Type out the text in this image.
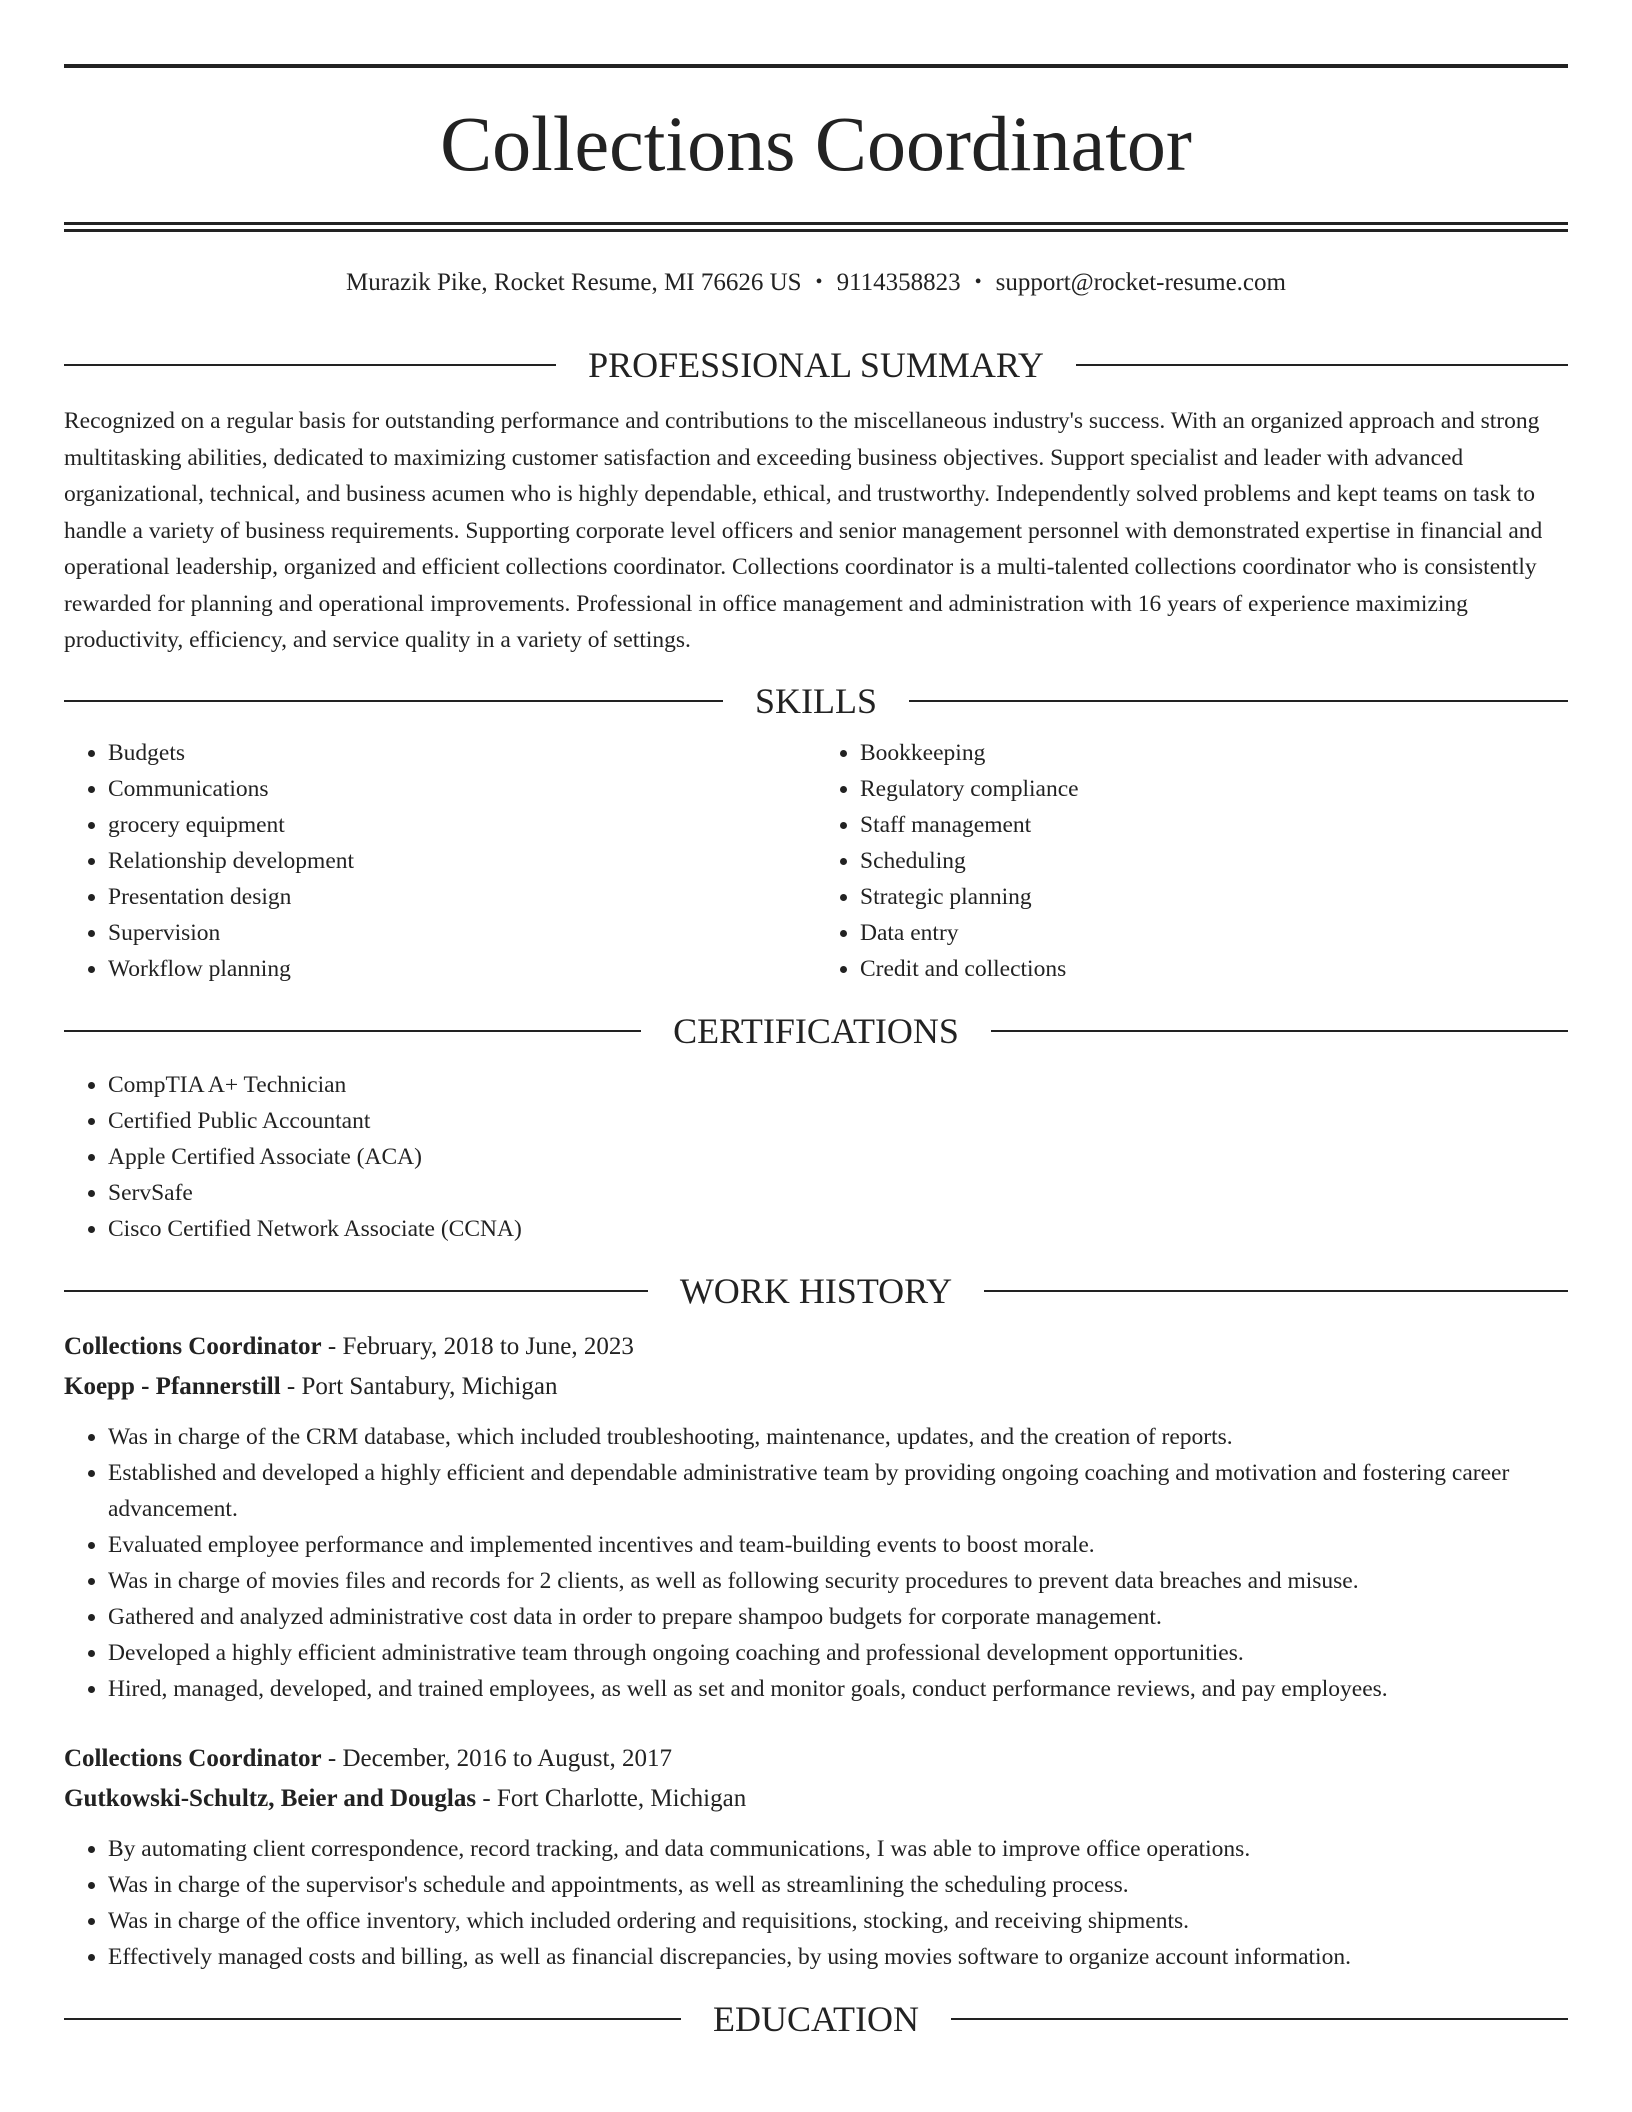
Collections Coordinator
Murazik Pike, Rocket Resume, MI 76626 US • 9114358823 • support@rocket-resume.com
PROFESSIONAL SUMMARY

Recognized on a regular basis for outstanding performance and contributions to the miscellaneous industry's success. With an organized approach and strong multitasking abilities, dedicated to maximizing customer satisfaction and exceeding business objectives. Support specialist and leader with advanced organizational, technical, and business acumen who is highly dependable, ethical, and trustworthy. Independently solved problems and kept teams on task to handle a variety of business requirements. Supporting corporate level officers and senior management personnel with demonstrated expertise in financial and operational leadership, organized and efficient collections coordinator. Collections coordinator is a multi-talented collections coordinator who is consistently rewarded for planning and operational improvements. Professional in office management and administration with 16 years of experience maximizing productivity, efficiency, and service quality in a variety of settings.

SKILLS
• Budgets
• Communications
• grocery equipment
• Relationship development
• Presentation design
• Supervision
• Workflow planning
• Bookkeeping
• Regulatory compliance
• Staff management
• Scheduling
• Strategic planning
• Data entry
• Credit and collections
CERTIFICATIONS
• CompTIA A+ Technician
• Certified Public Accountant
• Apple Certified Associate (ACA)
• ServSafe
• Cisco Certified Network Associate (CCNA)
WORK HISTORY
Collections Coordinator - February, 2018 to June, 2023
Koepp - Pfannerstill - Port Santabury, Michigan
• Was in charge of the CRM database, which included troubleshooting, maintenance, updates, and the creation of reports.
• Established and developed a highly efficient and dependable administrative team by providing ongoing coaching and motivation and fostering career advancement.
• Evaluated employee performance and implemented incentives and team-building events to boost morale.
• Was in charge of movies files and records for 2 clients, as well as following security procedures to prevent data breaches and misuse.
• Gathered and analyzed administrative cost data in order to prepare shampoo budgets for corporate management.
• Developed a highly efficient administrative team through ongoing coaching and professional development opportunities.
• Hired, managed, developed, and trained employees, as well as set and monitor goals, conduct performance reviews, and pay employees.
Collections Coordinator - December, 2016 to August, 2017
Gutkowski-Schultz, Beier and Douglas - Fort Charlotte, Michigan
• By automating client correspondence, record tracking, and data communications, I was able to improve office operations.
• Was in charge of the supervisor's schedule and appointments, as well as streamlining the scheduling process.
• Was in charge of the office inventory, which included ordering and requisitions, stocking, and receiving shipments.
• Effectively managed costs and billing, as well as financial discrepancies, by using movies software to organize account information.
EDUCATION
